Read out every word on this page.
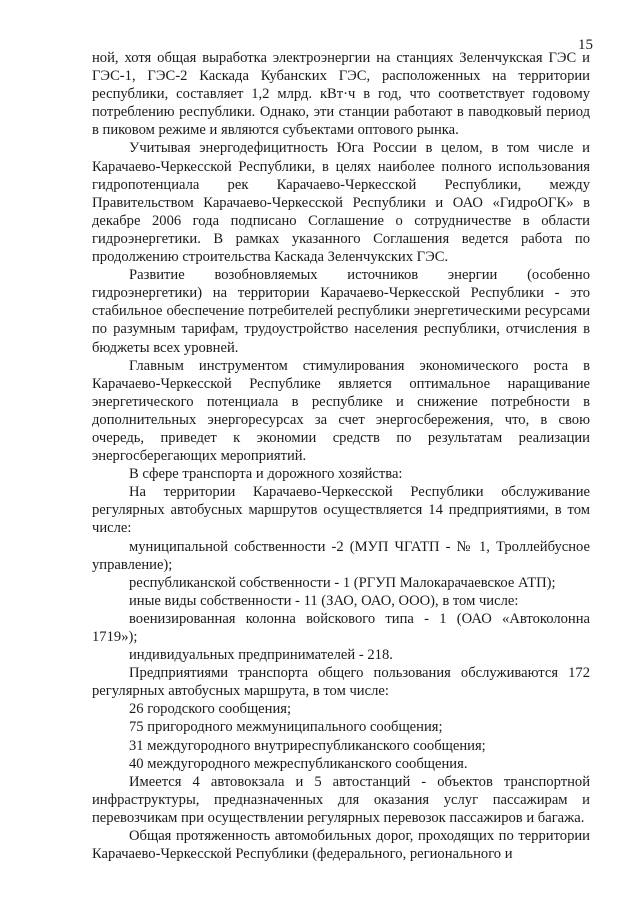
15

ной, хотя общая выработка электроэнергии на станциях Зеленчукская ГЭС и ГЭС-1, ГЭС-2 Каскада Кубанских ГЭС, расположенных на территории республики, составляет 1,2 млрд. кВт·ч в год, что соответствует годовому потреблению республики. Однако, эти станции работают в паводковый период в пиковом режиме и являются субъектами оптового рынка.

Учитывая энергодефицитность Юга России в целом, в том числе и Карачаево-Черкесской Республики, в целях наиболее полного использования гидропотенциала рек Карачаево-Черкесской Республики, между Правительством Карачаево-Черкесской Республики и ОАО «ГидроОГК» в декабре 2006 года подписано Соглашение о сотрудничестве в области гидроэнергетики. В рамках указанного Соглашения ведется работа по продолжению строительства Каскада Зеленчукских ГЭС.

Развитие возобновляемых источников энергии (особенно гидроэнергетики) на территории Карачаево-Черкесской Республики - это стабильное обеспечение потребителей республики энергетическими ресурсами по разумным тарифам, трудоустройство населения республики, отчисления в бюджеты всех уровней.

Главным инструментом стимулирования экономического роста в Карачаево-Черкесской Республике является оптимальное наращивание энергетического потенциала в республике и снижение потребности в дополнительных энергоресурсах за счет энергосбережения, что, в свою очередь, приведет к экономии средств по результатам реализации энергосберегающих мероприятий.

В сфере транспорта и дорожного хозяйства:

На территории Карачаево-Черкесской Республики обслуживание регулярных автобусных маршрутов осуществляется 14 предприятиями, в том числе:

муниципальной собственности -2 (МУП ЧГАТП - № 1, Троллейбусное управление);

республиканской собственности - 1 (РГУП Малокарачаевское АТП);

иные виды собственности - 11 (ЗАО, ОАО, ООО), в том числе:

военизированная колонна войскового типа - 1 (ОАО «Автоколонна 1719»);

индивидуальных предпринимателей - 218.

Предприятиями транспорта общего пользования обслуживаются 172 регулярных автобусных маршрута, в том числе:

26 городского сообщения;

75 пригородного межмуниципального сообщения;

31 междугородного внутриреспубликанского сообщения;

40 междугородного межреспубликанского сообщения.

Имеется 4 автовокзала и 5 автостанций - объектов транспортной инфраструктуры, предназначенных для оказания услуг пассажирам и перевозчикам при осуществлении регулярных перевозок пассажиров и багажа.

Общая протяженность автомобильных дорог, проходящих по территории Карачаево-Черкесской Республики (федерального, регионального и
